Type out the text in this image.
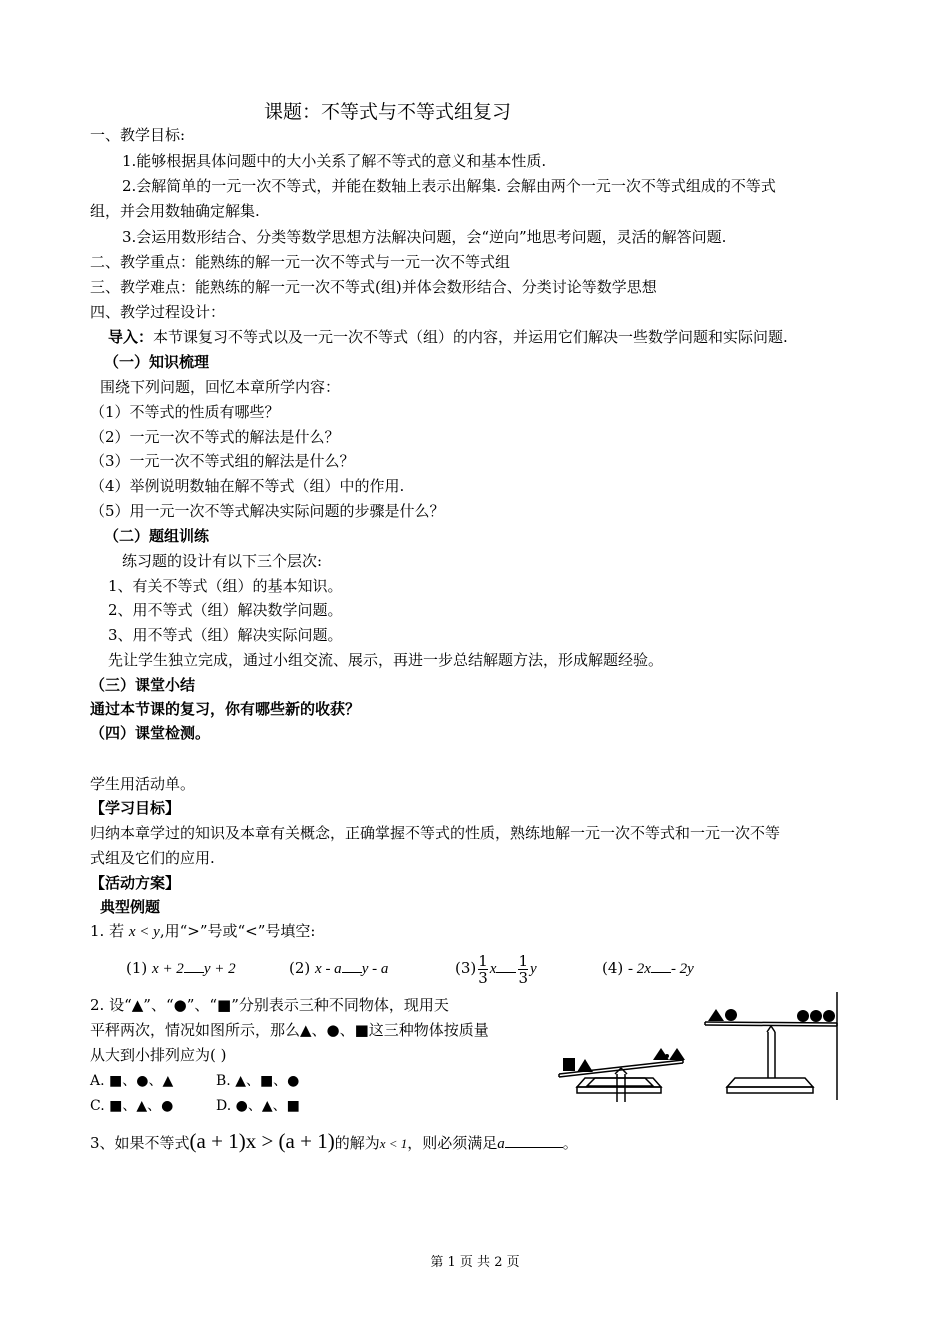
课题：不等式与不等式组复习
一、教学目标:
1.能够根据具体问题中的大小关系了解不等式的意义和基本性质.
2.会解简单的一元一次不等式，并能在数轴上表示出解集. 会解由两个一元一次不等式组成的不等式
组，并会用数轴确定解集.
3.会运用数形结合、分类等数学思想方法解决问题，会“逆向”地思考问题，灵活的解答问题.
二、教学重点：能熟练的解一元一次不等式与一元一次不等式组
三、教学难点：能熟练的解一元一次不等式(组)并体会数形结合、分类讨论等数学思想
四、教学过程设计：
导入：本节课复习不等式以及一元一次不等式（组）的内容，并运用它们解决一些数学问题和实际问题.
（一）知识梳理
围绕下列问题，回忆本章所学内容：
（1）不等式的性质有哪些？
（2）一元一次不等式的解法是什么？
（3）一元一次不等式组的解法是什么？
（4）举例说明数轴在解不等式（组）中的作用.
（5）用一元一次不等式解决实际问题的步骤是什么？
（二）题组训练
练习题的设计有以下三个层次:
1、有关不等式（组）的基本知识。
2、用不等式（组）解决数学问题。
3、用不等式（组）解决实际问题。
先让学生独立完成，通过小组交流、展示，再进一步总结解题方法，形成解题经验。
（三）课堂小结
通过本节课的复习，你有哪些新的收获？
（四）课堂检测。
学生用活动单。
【学习目标】
归纳本章学过的知识及本章有关概念，正确掌握不等式的性质，熟练地解一元一次不等式和一元一次不等
式组及它们的应用.
【活动方案】
典型例题
1. 若 x < y,用“>”号或“<”号填空:
(1) x + 2 y + 2	(2) x - a y - a	$(3) \frac{1}{3}$ x $\frac{1}{3}$ y	(4) - 2x - 2y
2. 设“▲”、“●”、“■”分别表示三种不同物体，现用天
平秤两次，情况如图所示，那么▲、●、■这三种物体按质量
从大到小排列应为( )
A. ■、●、▲	B. ▲、■、●
C. ■、▲、●	D. ●、▲、■
3、如果不等式(a + 1)x > (a + 1)的解为x < 1，则必须满足a	。
第 1 页 共 2 页
